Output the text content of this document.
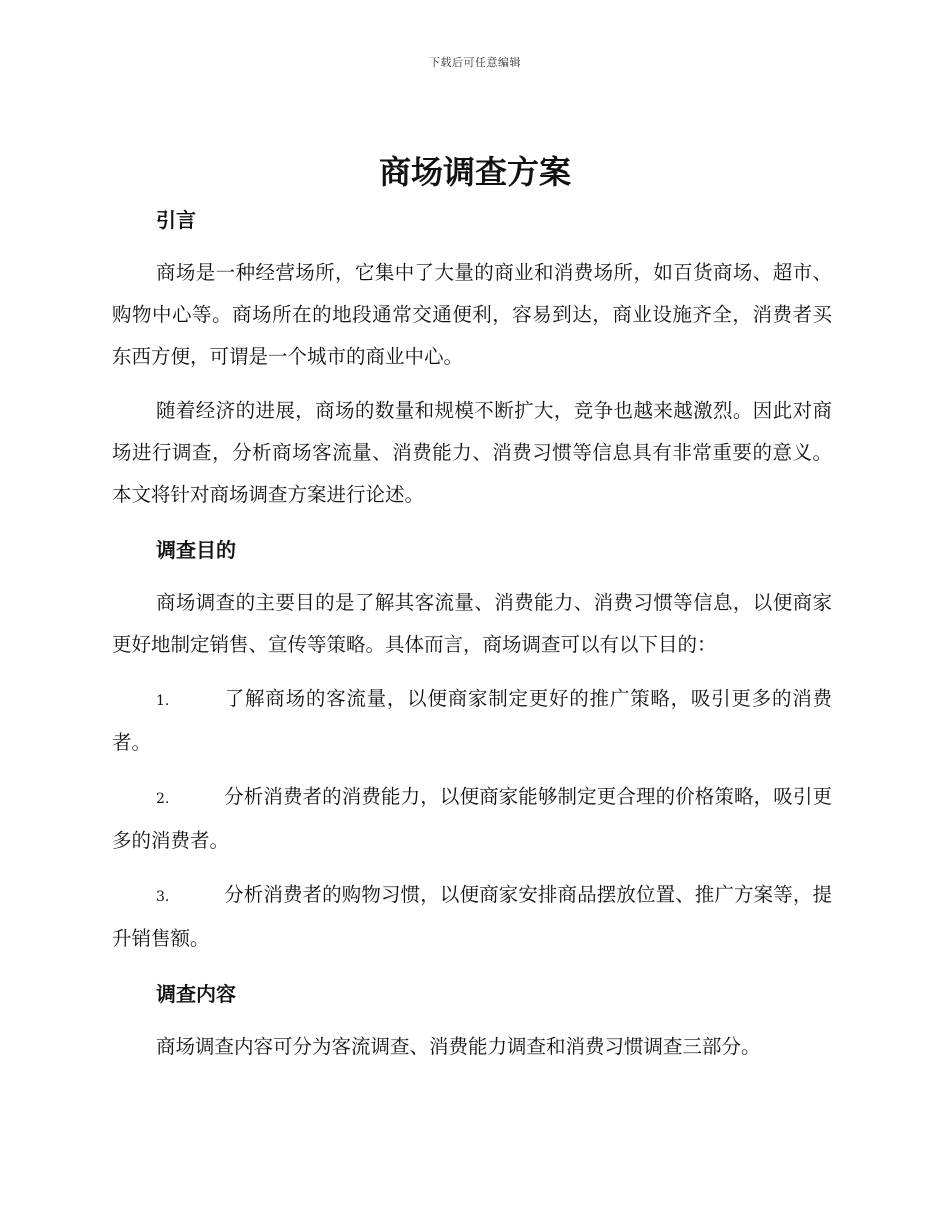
下载后可任意编辑
商场调查方案
引言

商场是一种经营场所，它集中了大量的商业和消费场所，如百货商场、超市、购物中心等。商场所在的地段通常交通便利，容易到达，商业设施齐全，消费者买东西方便，可谓是一个城市的商业中心。

随着经济的进展，商场的数量和规模不断扩大，竞争也越来越激烈。因此对商场进行调查，分析商场客流量、消费能力、消费习惯等信息具有非常重要的意义。本文将针对商场调查方案进行论述。

调查目的

商场调查的主要目的是了解其客流量、消费能力、消费习惯等信息，以便商家更好地制定销售、宣传等策略。具体而言，商场调查可以有以下目的：

1.	了解商场的客流量，以便商家制定更好的推广策略，吸引更多的消费者。

2.	分析消费者的消费能力，以便商家能够制定更合理的价格策略，吸引更多的消费者。

3.	分析消费者的购物习惯，以便商家安排商品摆放位置、推广方案等，提升销售额。

调查内容

商场调查内容可分为客流调查、消费能力调查和消费习惯调查三部分。
